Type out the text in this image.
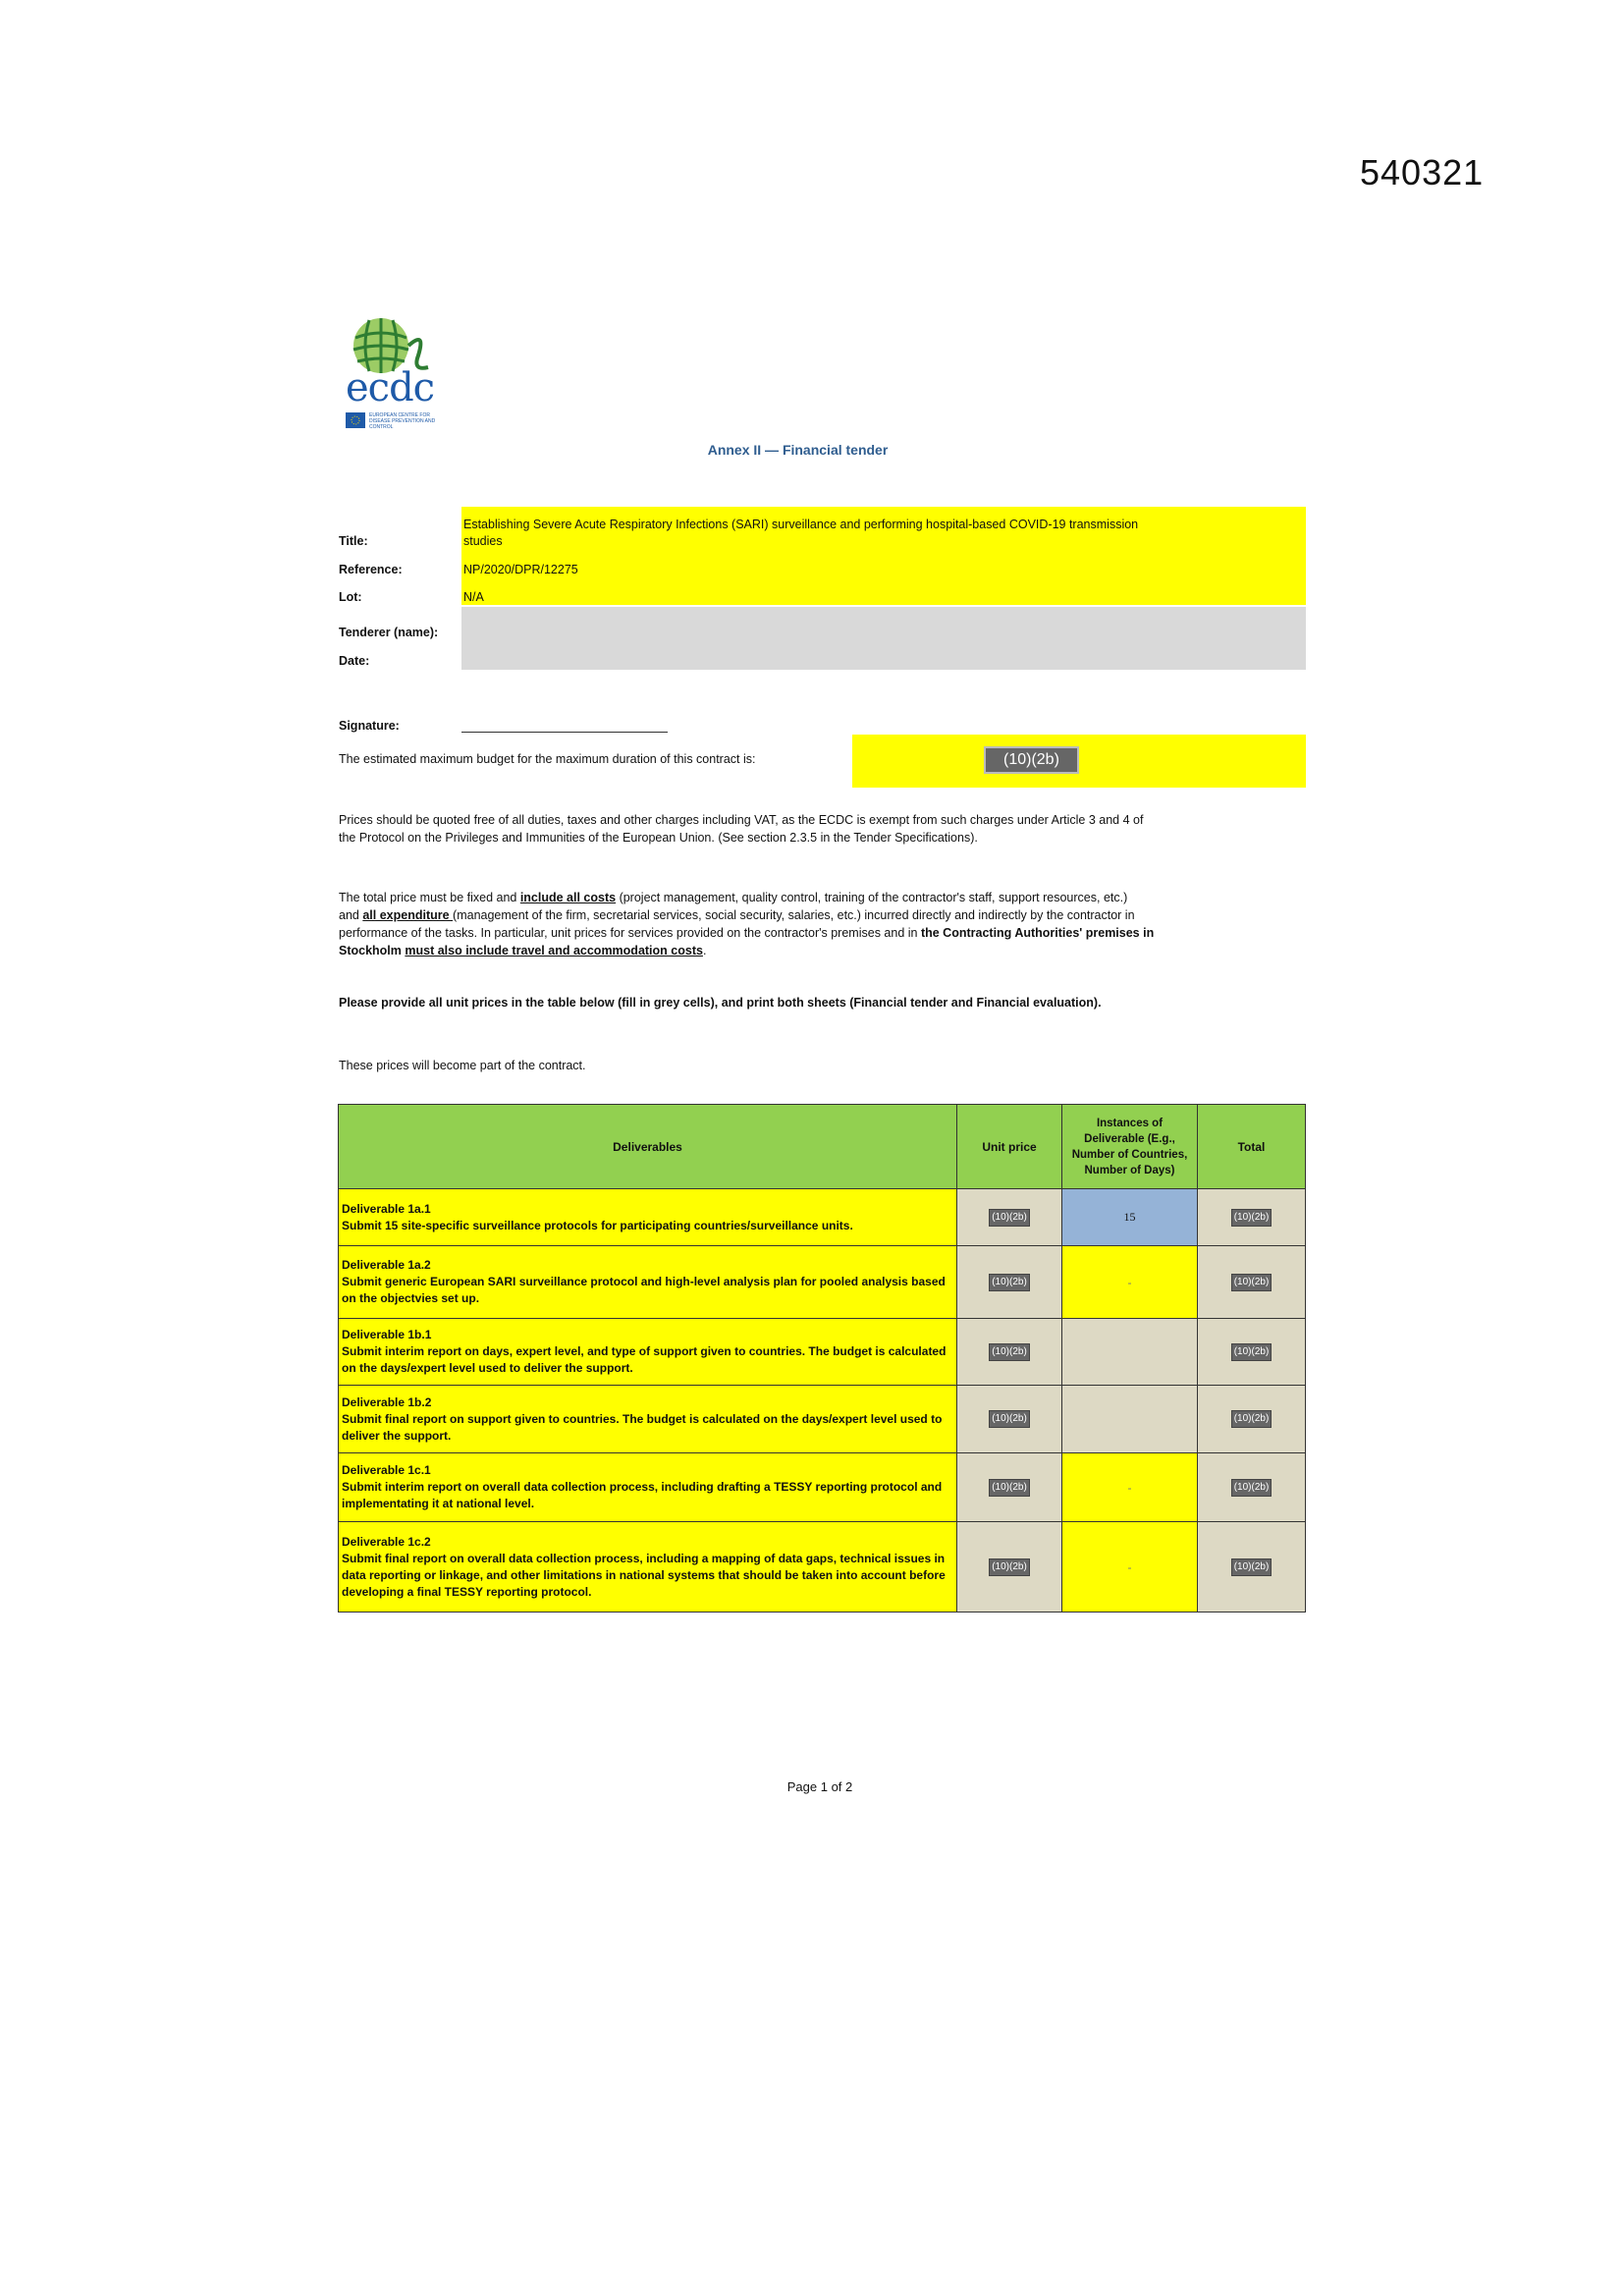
540321
ecdc
EUROPEAN CENTRE FOR DISEASE PREVENTION AND CONTROL
Annex II — Financial tender
Title:
Establishing Severe Acute Respiratory Infections (SARI) surveillance and performing hospital-based COVID-19 transmission
studies
Reference:	NP/2020/DPR/12275
Lot:	N/A
Tenderer (name):
Date:
Signature:
The estimated maximum budget for the maximum duration of this contract is:	(10)(2b)
Prices should be quoted free of all duties, taxes and other charges including VAT, as the ECDC is exempt from such charges under Article 3 and 4 of
the Protocol on the Privileges and Immunities of the European Union. (See section 2.3.5 in the Tender Specifications).
The total price must be fixed and include all costs (project management, quality control, training of the contractor's staff, support resources, etc.)
and all expenditure (management of the firm, secretarial services, social security, salaries, etc.) incurred directly and indirectly by the contractor in
performance of the tasks. In particular, unit prices for services provided on the contractor's premises and in the Contracting Authorities' premises in
Stockholm must also include travel and accommodation costs.
Please provide all unit prices in the table below (fill in grey cells), and print both sheets (Financial tender and Financial evaluation).
These prices will become part of the contract.
Deliverables	Unit price	Instances of Deliverable (E.g., Number of Countries, Number of Days)	Total

Deliverable 1a.1
Submit 15 site-specific surveillance protocols for participating countries/surveillance units.	(10)(2b)	15	(10)(2b)

Deliverable 1a.2
Submit generic European SARI surveillance protocol and high-level analysis plan for pooled analysis based on the objectvies set up.	(10)(2b)	-	(10)(2b)

Deliverable 1b.1
Submit interim report on days, expert level, and type of support given to countries. The budget is calculated on the days/expert level used to deliver the support.	(10)(2b)		(10)(2b)

Deliverable 1b.2
Submit final report on support given to countries. The budget is calculated on the days/expert level used to deliver the support.	(10)(2b)		(10)(2b)

Deliverable 1c.1
Submit interim report on overall data collection process, including drafting a TESSY reporting protocol and implementating it at national level.	(10)(2b)	-	(10)(2b)

Deliverable 1c.2
Submit final report on overall data collection process, including a mapping of data gaps, technical issues in data reporting or linkage, and other limitations in national systems that should be taken into account before developing a final TESSY reporting protocol.	(10)(2b)	-	(10)(2b)
Page 1 of 2
